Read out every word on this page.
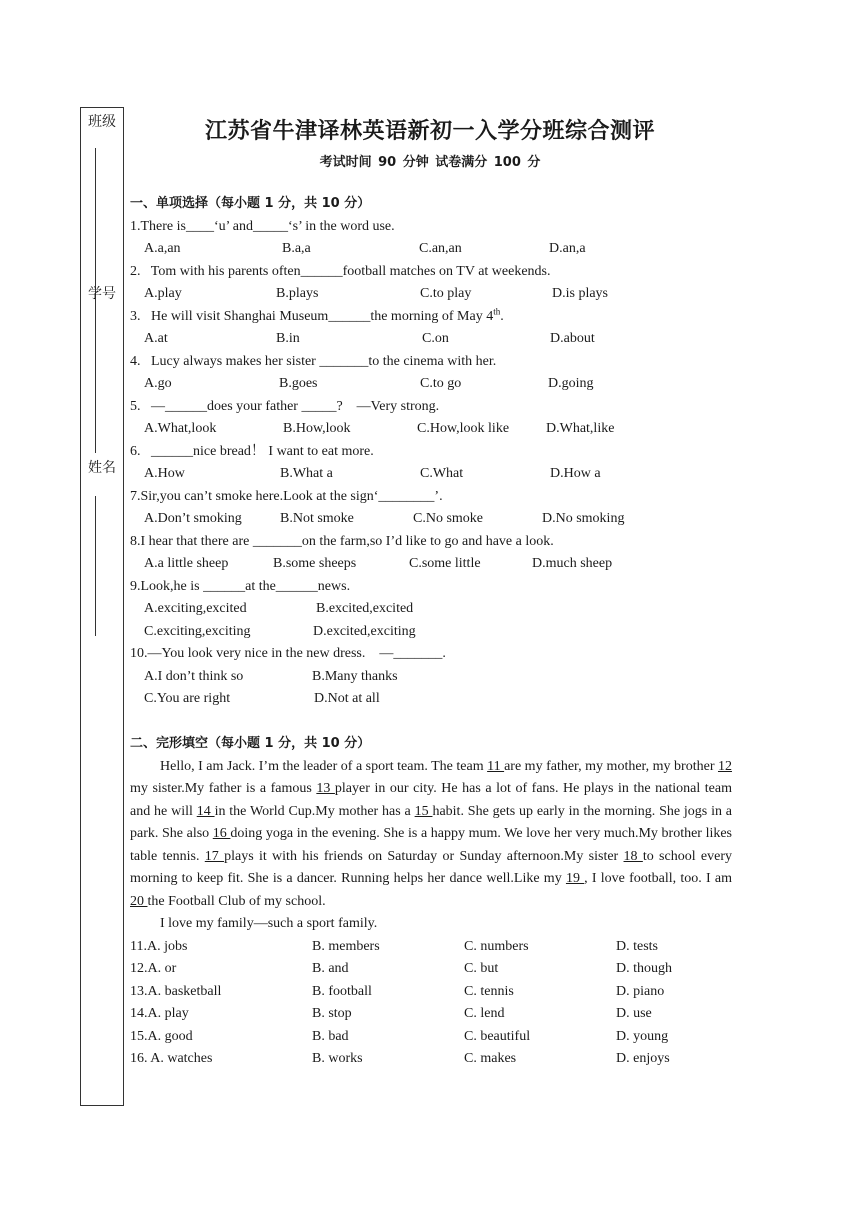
班级
学号
姓名
江苏省牛津译林英语新初一入学分班综合测评
考试时间 90 分钟 试卷满分 100 分
一、单项选择（每小题 1 分，共 10 分）
1.There is____‘u’ and_____‘s’ in the word use.

A.a,an

	B.a,a

	C.an,an

	D.an,a

2.   Tom with his parents often______football matches on TV at weekends.

A.play

	B.plays

	C.to play

	D.is plays

3.   He will visit Shanghai Museum______the morning of May 4th.

A.at

	B.in

	C.on

	D.about

4.   Lucy always makes her sister _______to the cinema with her.

A.go

	B.goes

	C.to go

	D.going

5.   —______does your father _____?    —Very strong.

A.What,look

	B.How,look

	C.How,look like

	D.What,like

6.   ______nice bread！ I want to eat more.

A.How

	B.What a

	C.What

	D.How a

7.Sir,you can’t smoke here.Look at the sign‘________’.

A.Don’t smoking

	B.Not smoke

	C.No smoke

	D.No smoking

8.I hear that there are _______on the farm,so I’d like to go and have a look.

A.a little sheep

	B.some sheeps

	C.some little

	D.much sheep

9.Look,he is ______at the______news.

A.exciting,excited

	B.excited,excited

C.exciting,exciting

	D.excited,exciting

10.—You look very nice in the new dress.    —_______.

A.I don’t think so

	B.Many thanks

C.You are right

	D.Not at all

二、完形填空（每小题 1 分，共 10 分）

Hello, I am Jack. I’m the leader of a sport team. The team 11 are my father, my mother, my brother 12 my sister.My father is a famous 13 player in our city. He has a lot of fans. He plays in the national team and he will 14 in the World Cup.My mother has a 15 habit. She gets up early in the morning. She jogs in a park. She also 16 doing yoga in the evening. She is a happy mum. We love her very much.My brother likes table tennis. 17 plays it with his friends on Saturday or Sunday afternoon.My sister 18 to school every morning to keep fit. She is a dancer. Running helps her dance well.Like my 19 , I love football, too. I am 20 the Football Club of my school.

I love my family—such a sport family.

11.A. jobs

	B. members

	C. numbers

	D. tests

12.A. or

	B. and

	C. but

	D. though

13.A. basketball

	B. football

	C. tennis

	D. piano

14.A. play

	B. stop

	C. lend

	D. use

15.A. good

	B. bad

	C. beautiful

	D. young

16. A. watches

	B. works

	C. makes

	D. enjoys
